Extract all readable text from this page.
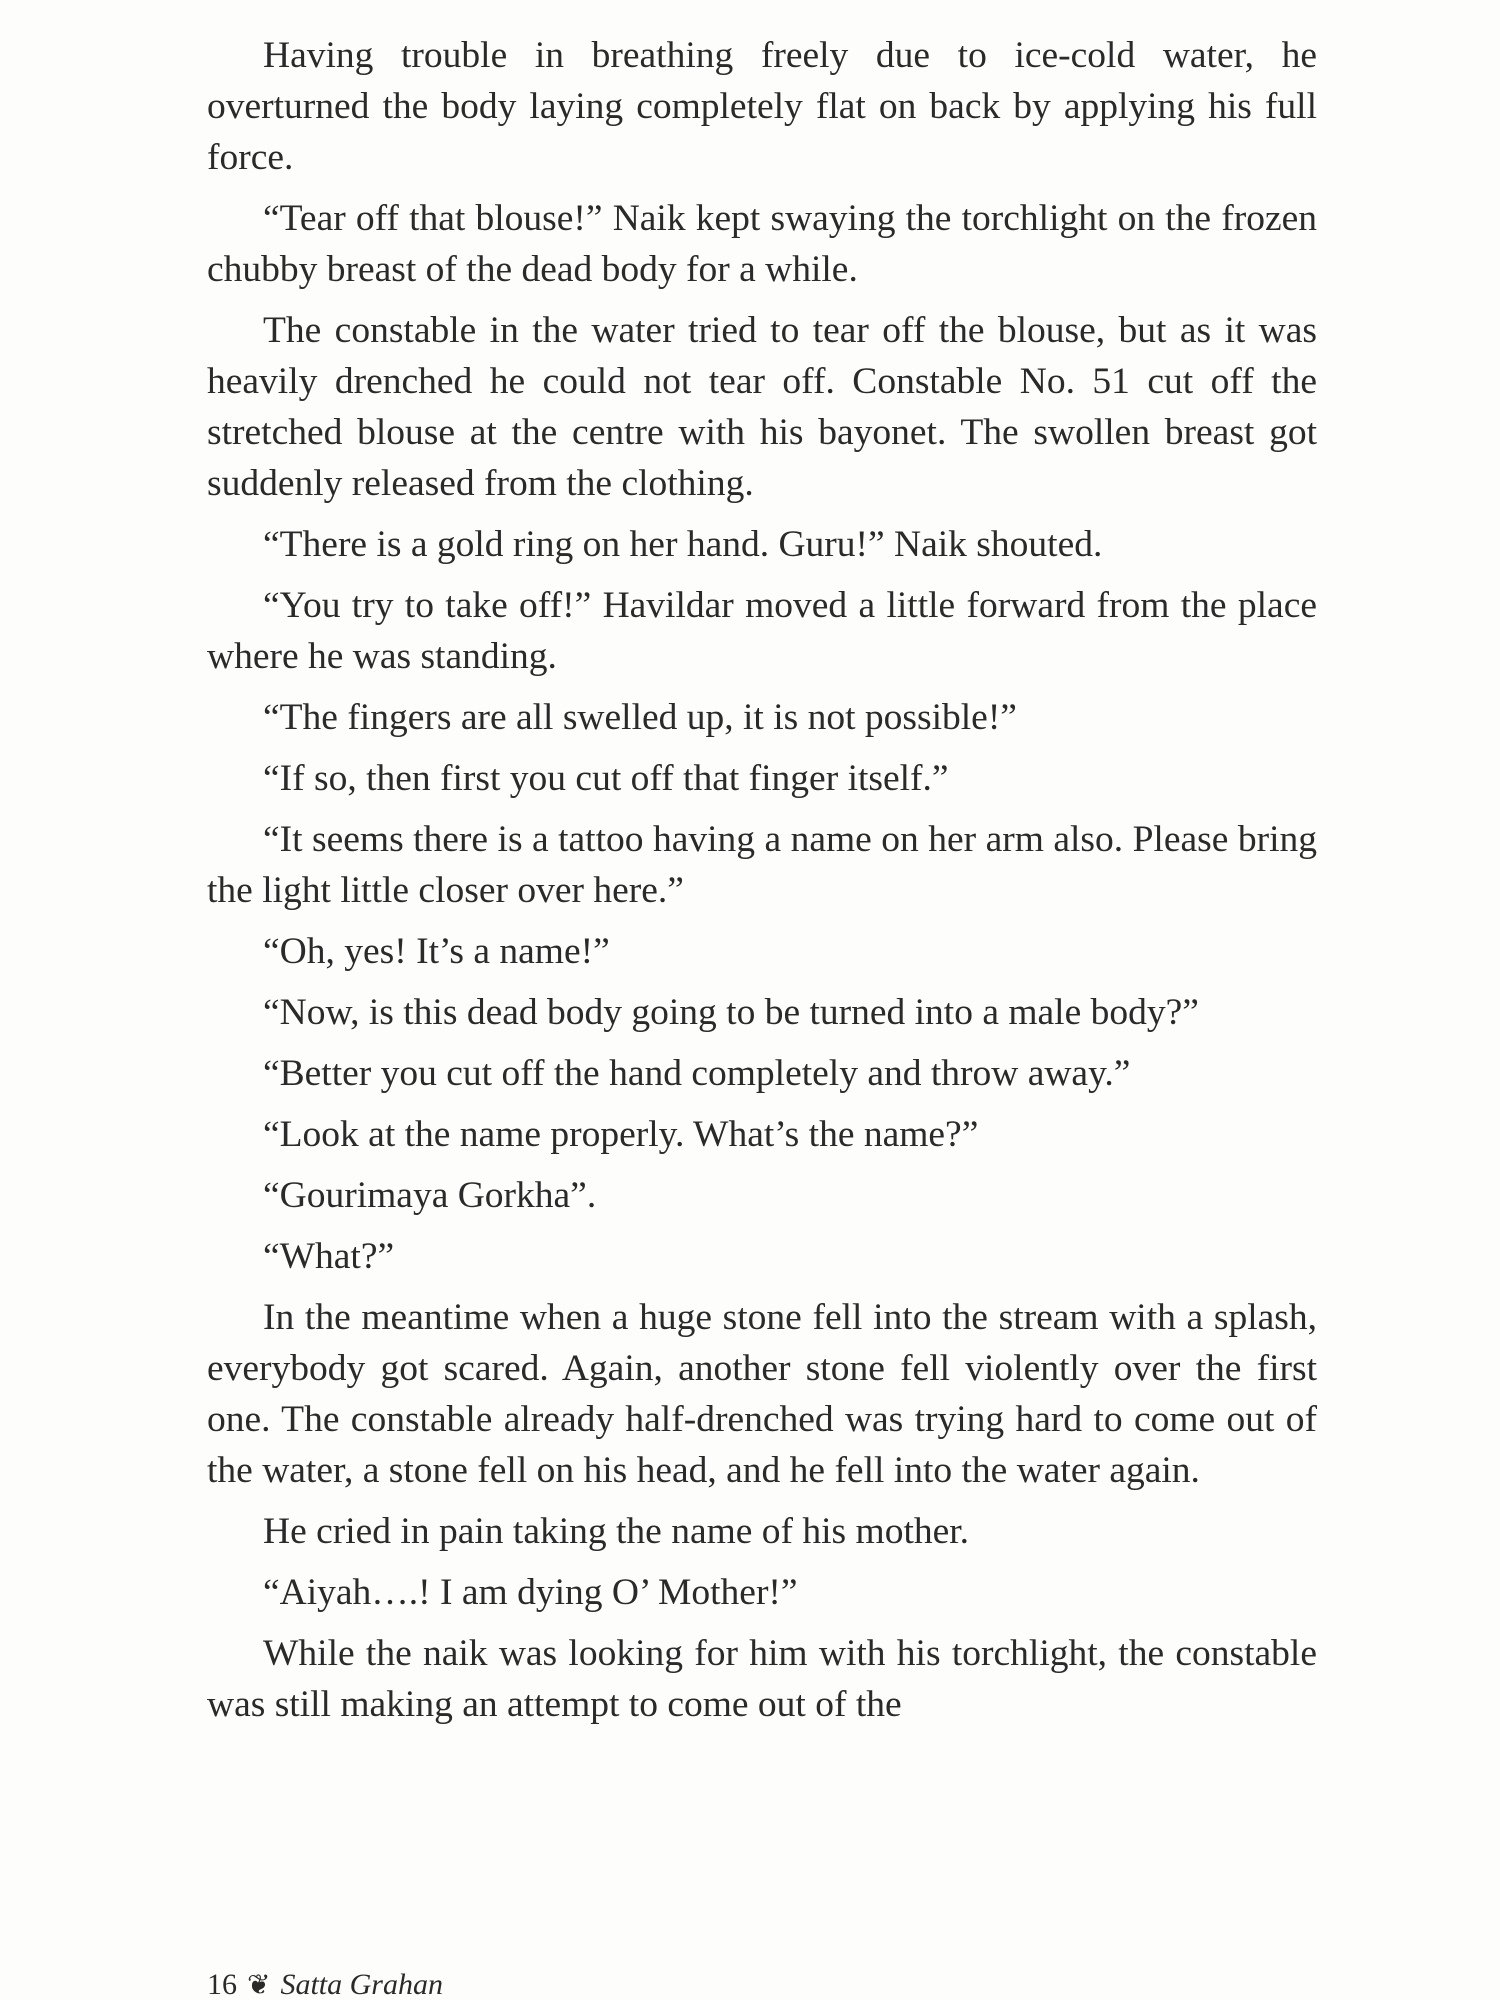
Having trouble in breathing freely due to ice-cold water, he overturned the body laying completely flat on back by applying his full force.

“Tear off that blouse!” Naik kept swaying the torchlight on the frozen chubby breast of the dead body for a while.

The constable in the water tried to tear off the blouse, but as it was heavily drenched he could not tear off. Constable No. 51 cut off the stretched blouse at the centre with his bayonet. The swollen breast got suddenly released from the clothing.

“There is a gold ring on her hand. Guru!” Naik shouted.

“You try to take off!” Havildar moved a little forward from the place where he was standing.

“The fingers are all swelled up, it is not possible!”

“If so, then first you cut off that finger itself.”

“It seems there is a tattoo having a name on her arm also. Please bring the light little closer over here.”

“Oh, yes! It’s a name!”

“Now, is this dead body going to be turned into a male body?”

“Better you cut off the hand completely and throw away.”

“Look at the name properly. What’s the name?”

“Gourimaya Gorkha”.

“What?”

In the meantime when a huge stone fell into the stream with a splash, everybody got scared. Again, another stone fell violently over the first one. The constable already half-drenched was trying hard to come out of the water, a stone fell on his head, and he fell into the water again.

He cried in pain taking the name of his mother.

“Aiyah….! I am dying O’ Mother!”

While the naik was looking for him with his torchlight, the constable was still making an attempt to come out of the

16 ❦ Satta Grahan
